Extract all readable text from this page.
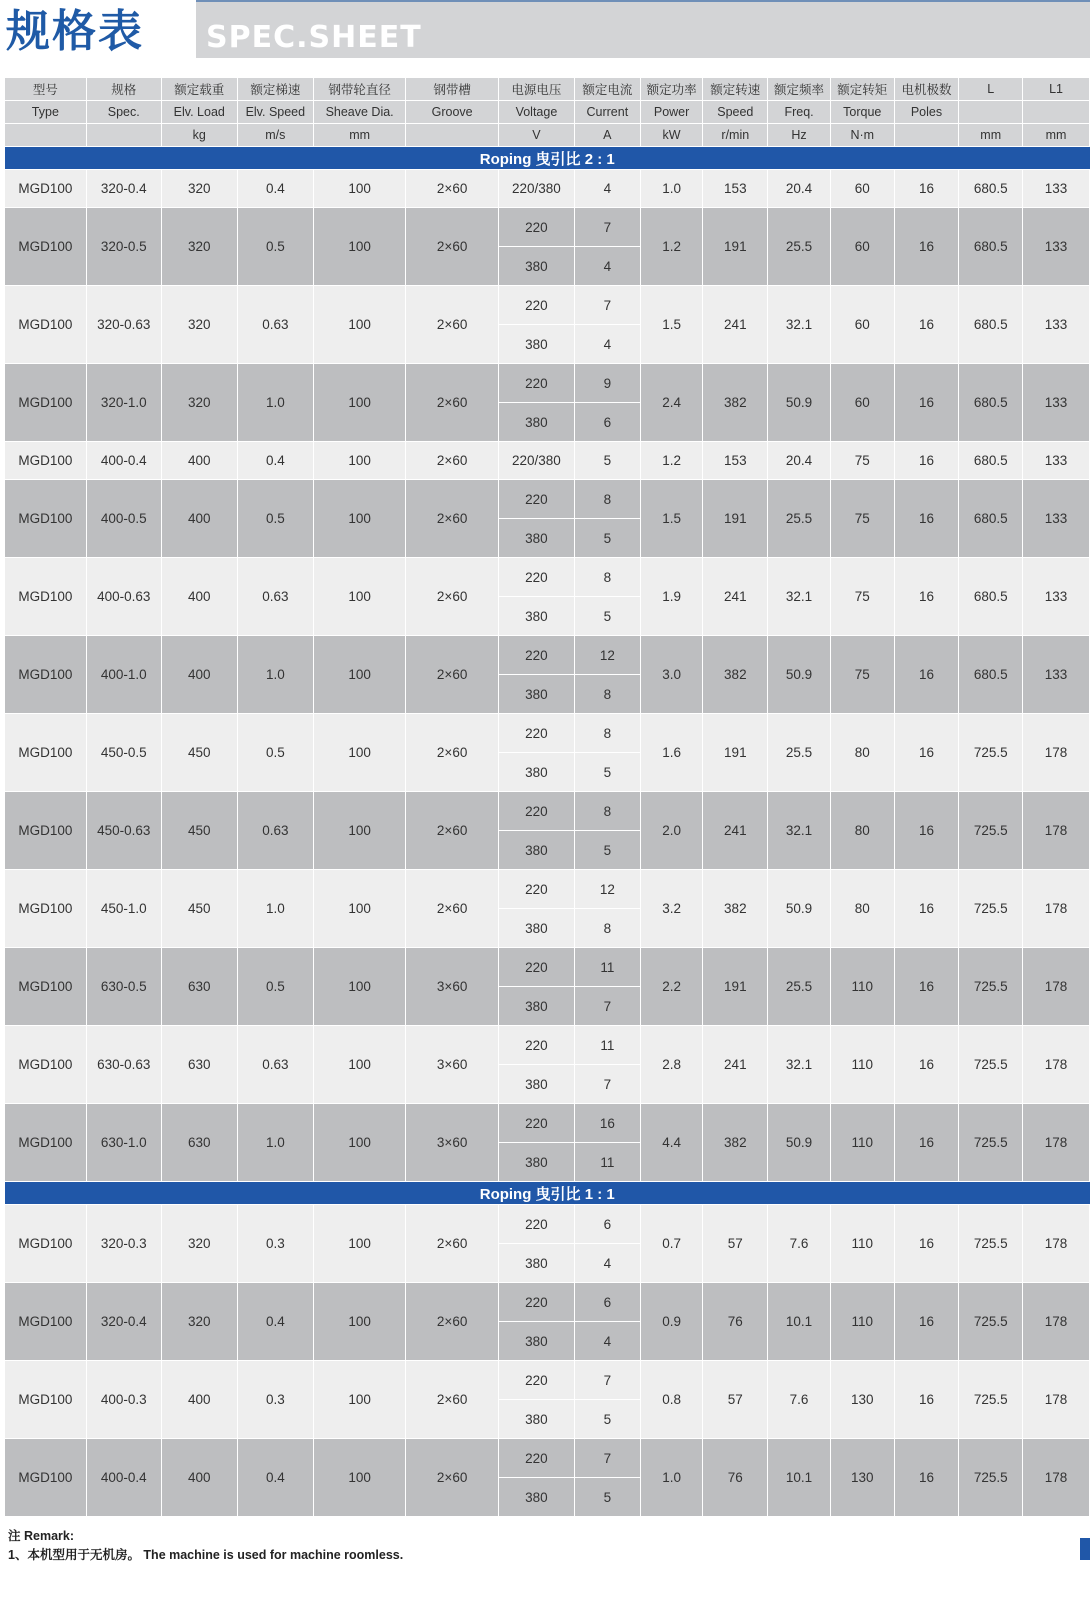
规格表	SPEC.SHEET
型号	规格	额定载重	额定梯速	钢带轮直径	钢带槽	电源电压	额定电流	额定功率	额定转速	额定频率	额定转矩	电机极数	L	L1
Type	Spec.	Elv. Load	Elv. Speed	Sheave Dia.	Groove	Voltage	Current	Power	Speed	Freq.	Torque	Poles		
		kg	m/s	mm		V	A	kW	r/min	Hz	N·m		mm	mm
Roping 曳引比 2 : 1														
MGD100	320-0.4	320	0.4	100	2×60	220/380	4	1.0	153	20.4	60	16	680.5	133
MGD100	320-0.5	320	0.5	100	2×60	220	7	1.2	191	25.5	60	16	680.5	133
						380	4							
MGD100	320-0.63	320	0.63	100	2×60	220	7	1.5	241	32.1	60	16	680.5	133
						380	4							
MGD100	320-1.0	320	1.0	100	2×60	220	9	2.4	382	50.9	60	16	680.5	133
						380	6							
MGD100	400-0.4	400	0.4	100	2×60	220/380	5	1.2	153	20.4	75	16	680.5	133
MGD100	400-0.5	400	0.5	100	2×60	220	8	1.5	191	25.5	75	16	680.5	133
						380	5							
MGD100	400-0.63	400	0.63	100	2×60	220	8	1.9	241	32.1	75	16	680.5	133
						380	5							
MGD100	400-1.0	400	1.0	100	2×60	220	12	3.0	382	50.9	75	16	680.5	133
						380	8							
MGD100	450-0.5	450	0.5	100	2×60	220	8	1.6	191	25.5	80	16	725.5	178
						380	5							
MGD100	450-0.63	450	0.63	100	2×60	220	8	2.0	241	32.1	80	16	725.5	178
						380	5							
MGD100	450-1.0	450	1.0	100	2×60	220	12	3.2	382	50.9	80	16	725.5	178
						380	8							
MGD100	630-0.5	630	0.5	100	3×60	220	11	2.2	191	25.5	110	16	725.5	178
						380	7							
MGD100	630-0.63	630	0.63	100	3×60	220	11	2.8	241	32.1	110	16	725.5	178
						380	7							
MGD100	630-1.0	630	1.0	100	3×60	220	16	4.4	382	50.9	110	16	725.5	178
						380	11							
Roping 曳引比 1 : 1														
MGD100	320-0.3	320	0.3	100	2×60	220	6	0.7	57	7.6	110	16	725.5	178
						380	4							
MGD100	320-0.4	320	0.4	100	2×60	220	6	0.9	76	10.1	110	16	725.5	178
						380	4							
MGD100	400-0.3	400	0.3	100	2×60	220	7	0.8	57	7.6	130	16	725.5	178
						380	5							
MGD100	400-0.4	400	0.4	100	2×60	220	7	1.0	76	10.1	130	16	725.5	178
						380	5							
注 Remark:
1、本机型用于无机房。 The machine is used for machine roomless.
